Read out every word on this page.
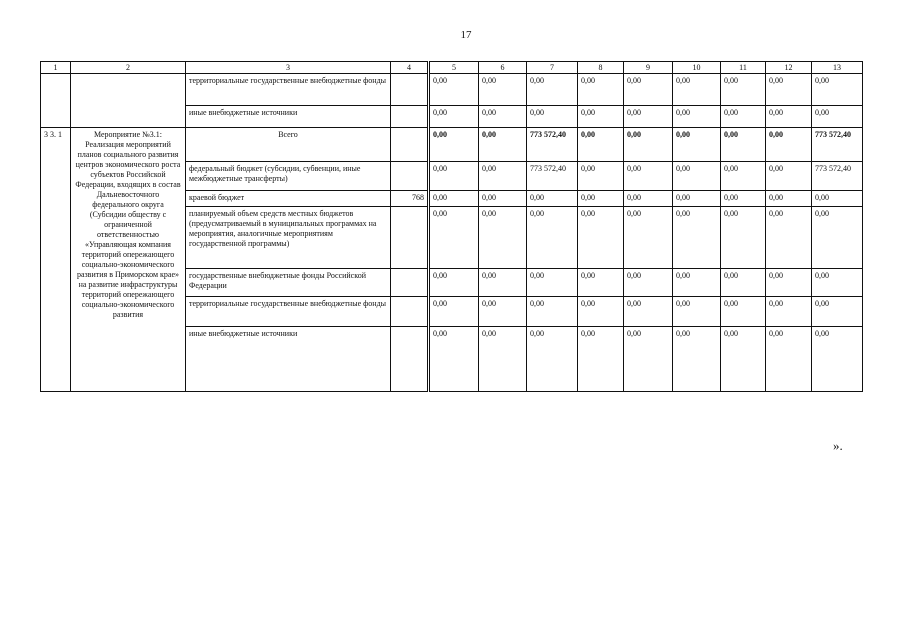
17
1	2	3	4	5	6	7	8	9	10	11	12	13
		территориальные государственные внебюджетные фонды		0,00	0,00	0,00	0,00	0,00	0,00	0,00	0,00	0,00
		иные внебюджетные источники		0,00	0,00	0,00	0,00	0,00	0,00	0,00	0,00	0,00
3 3. 1	Мероприятие №3.1: Реализация мероприятий планов социального развития центров экономического роста субъектов Российской Федерации, входящих в состав Дальневосточного федерального округа (Субсидии обществу с ограниченной ответственностью «Управляющая компания территорий опережающего социально-экономического развития в Приморском крае» на развитие инфраструктуры территорий опережающего социально-экономического развития	Всего		0,00	0,00	773 572,40	0,00	0,00	0,00	0,00	0,00	773 572,40
		федеральный бюджет (субсидии, субвенции, иные межбюджетные трансферты)		0,00	0,00	773 572,40	0,00	0,00	0,00	0,00	0,00	773 572,40
		краевой бюджет	768	0,00	0,00	0,00	0,00	0,00	0,00	0,00	0,00	0,00
		планируемый объем средств местных бюджетов (предусматриваемый в муниципальных программах на мероприятия, аналогичные мероприятиям государственной программы)		0,00	0,00	0,00	0,00	0,00	0,00	0,00	0,00	0,00
		государственные внебюджетные фонды Российской Федерации		0,00	0,00	0,00	0,00	0,00	0,00	0,00	0,00	0,00
		территориальные государственные внебюджетные фонды		0,00	0,00	0,00	0,00	0,00	0,00	0,00	0,00	0,00
		иные внебюджетные источники		0,00	0,00	0,00	0,00	0,00	0,00	0,00	0,00	0,00
».
